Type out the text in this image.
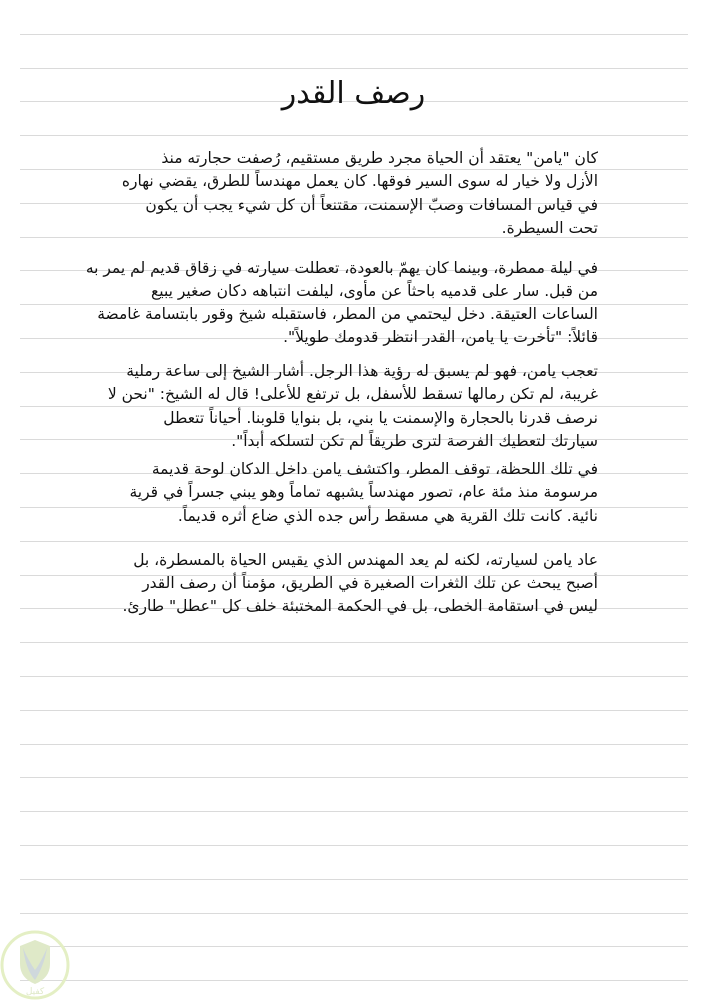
رصف القدر
كان "يامن" يعتقد أن الحياة مجرد طريق مستقيم، رُصفت حجارته منذ
الأزل ولا خيار له سوى السير فوقها. كان يعمل مهندساً للطرق، يقضي نهاره
في قياس المسافات وصبّ الإسمنت، مقتنعاً أن كل شيء يجب أن يكون
تحت السيطرة.
في ليلة ممطرة، وبينما كان يهمّ بالعودة، تعطلت سيارته في زقاق قديم لم يمر به
من قبل. سار على قدميه باحثاً عن مأوى، ليلفت انتباهه دكان صغير يبيع
الساعات العتيقة. دخل ليحتمي من المطر، فاستقبله شيخ وقور بابتسامة غامضة
قائلاً: "تأخرت يا يامن، القدر انتظر قدومك طويلاً".
تعجب يامن، فهو لم يسبق له رؤية هذا الرجل. أشار الشيخ إلى ساعة رملية
غريبة، لم تكن رمالها تسقط للأسفل، بل ترتفع للأعلى! قال له الشيخ: "نحن لا
نرصف قدرنا بالحجارة والإسمنت يا بني، بل بنوايا قلوبنا. أحياناً تتعطل
سيارتك لتعطيك الفرصة لترى طريقاً لم تكن لتسلكه أبداً".
في تلك اللحظة، توقف المطر، واكتشف يامن داخل الدكان لوحة قديمة
مرسومة منذ مئة عام، تصور مهندساً يشبهه تماماً وهو يبني جسراً في قرية
نائية. كانت تلك القرية هي مسقط رأس جده الذي ضاع أثره قديماً.
عاد يامن لسيارته، لكنه لم يعد المهندس الذي يقيس الحياة بالمسطرة، بل
أصبح يبحث عن تلك الثغرات الصغيرة في الطريق، مؤمناً أن رصف القدر
ليس في استقامة الخطى، بل في الحكمة المختبئة خلف كل "عطل" طارئ.
كفيل
